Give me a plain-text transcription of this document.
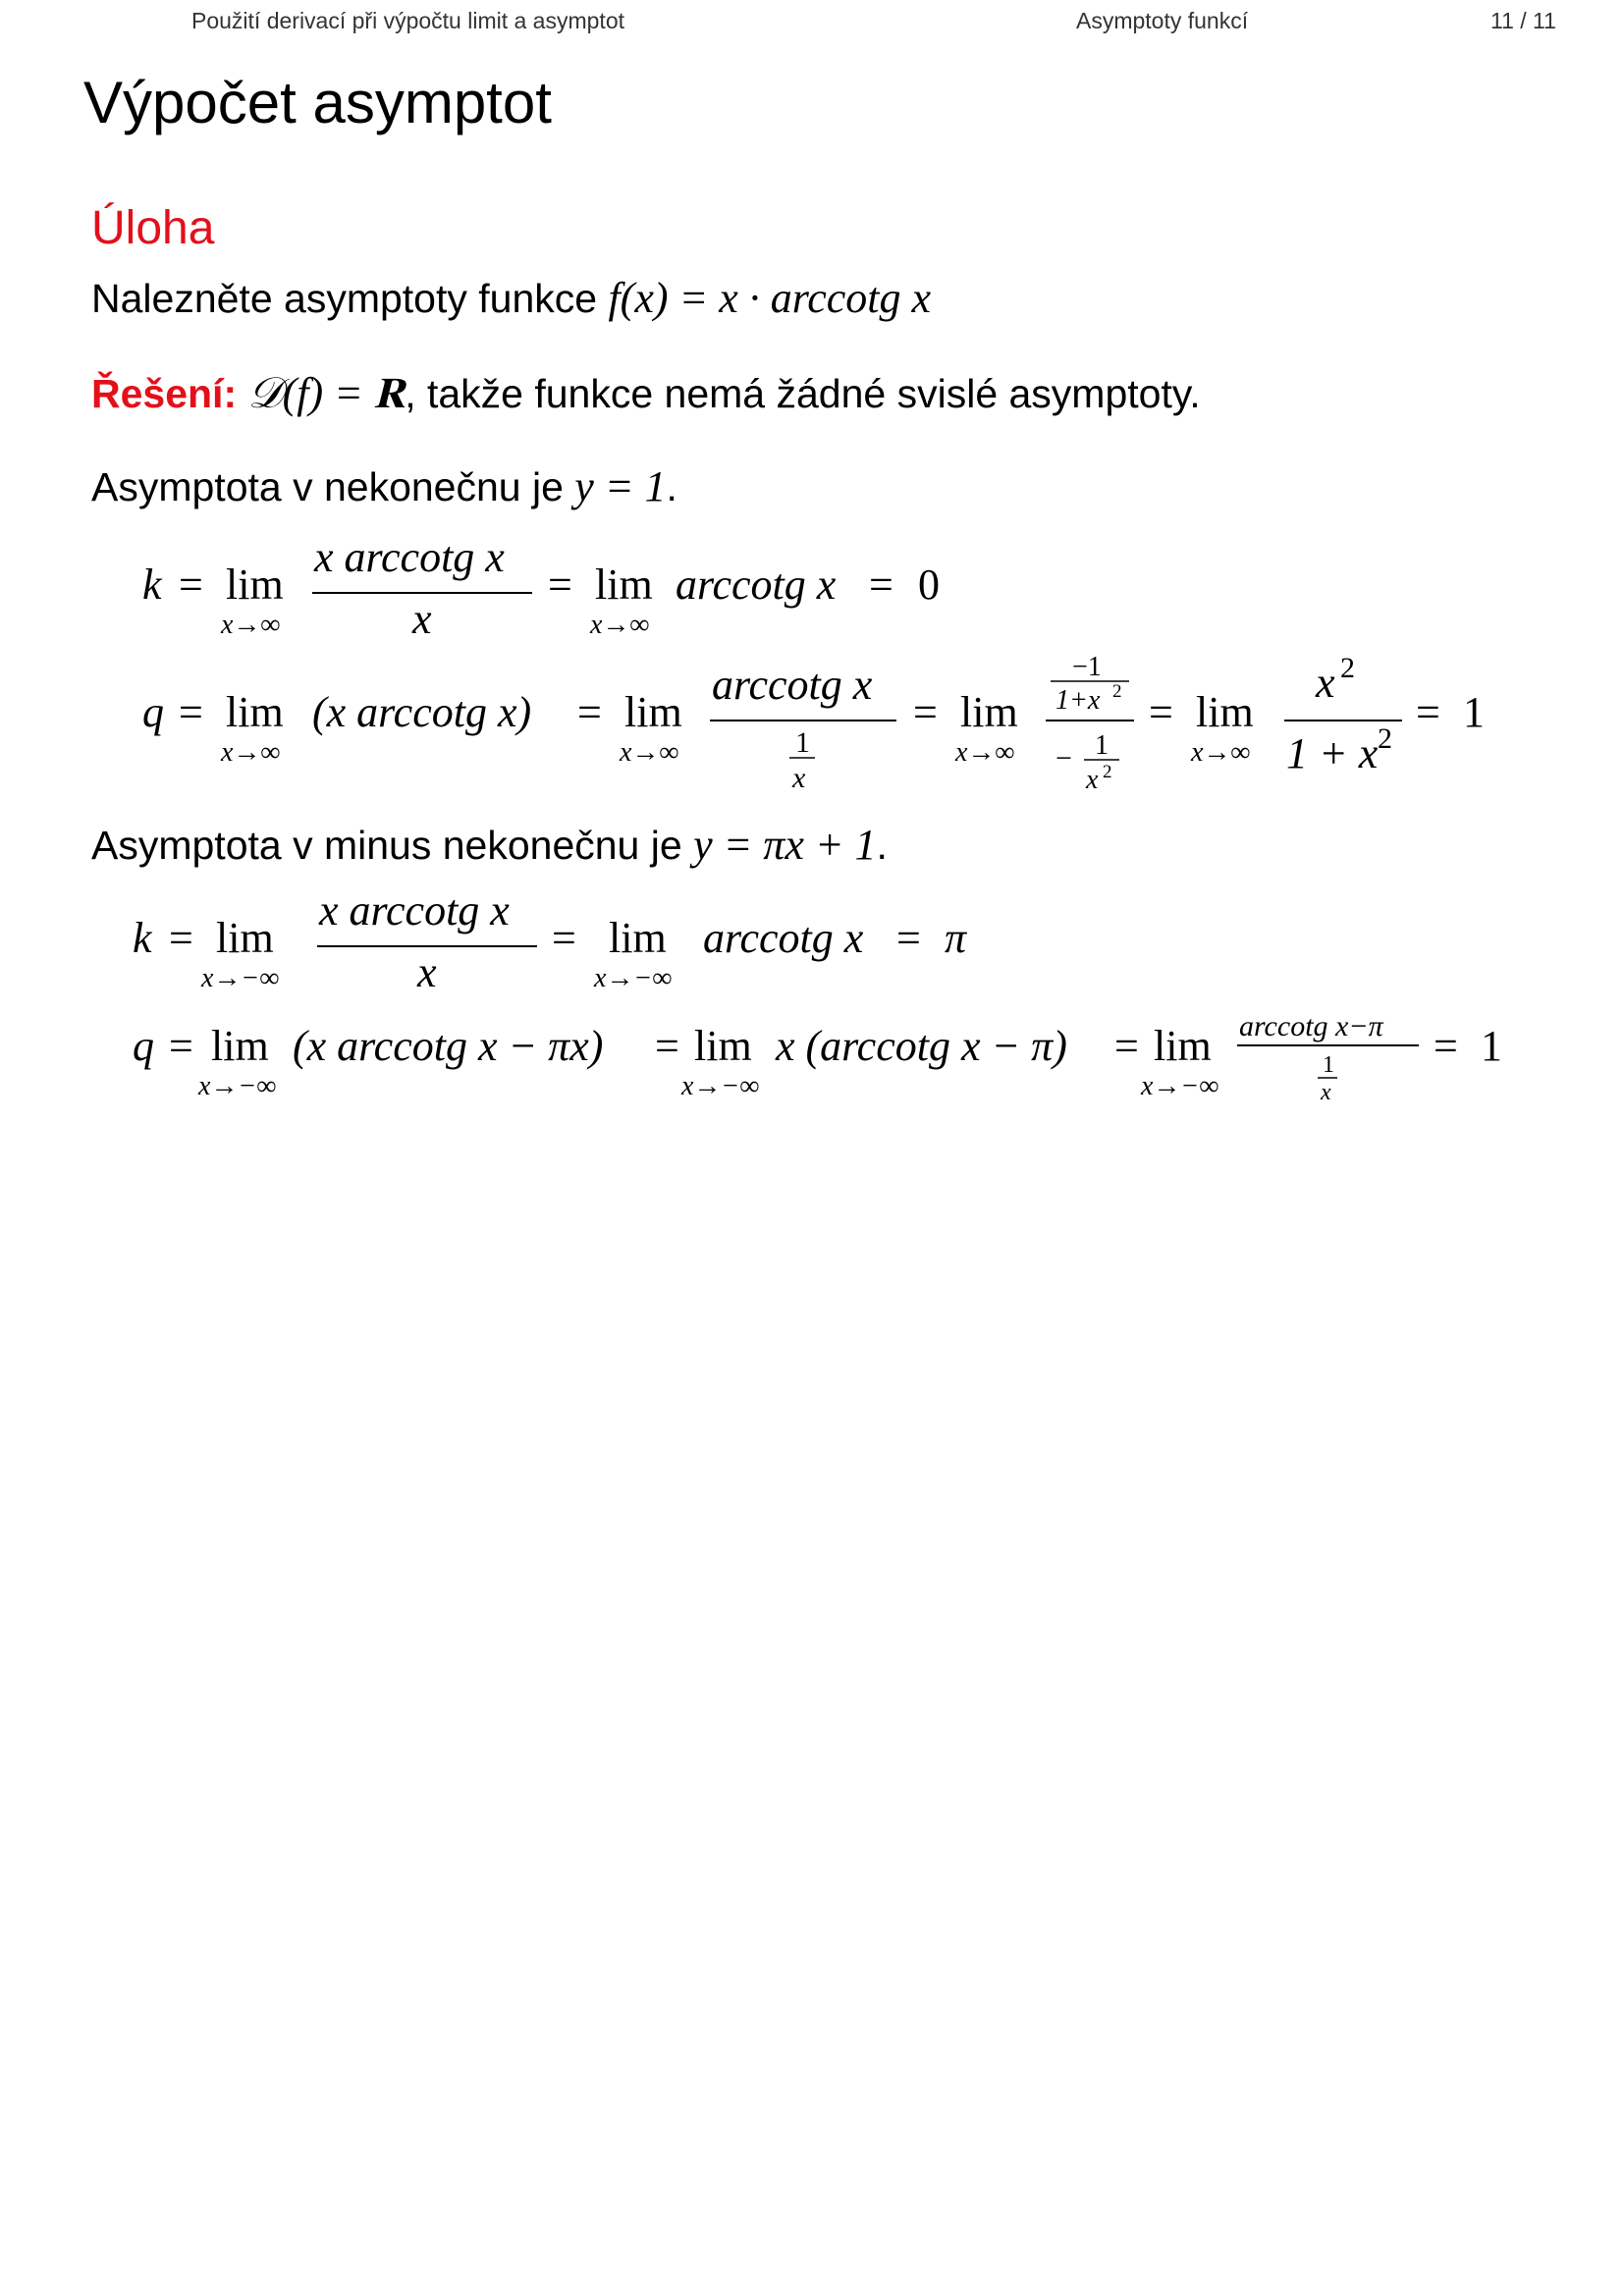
Použití derivací při výpočtu limit a asymptot	Asymptoty funkcí	11 / 11
Výpočet asymptot
Úloha
Nalezněte asymptoty funkce f(x) = x · arccotg x
Řešení: 𝒟(f) = 𝐑, takže funkce nemá žádné svislé asymptoty.
Asymptota v nekonečnu je y = 1.
k = lim
x→∞
x arccotg x
x
= lim
x→∞
arccotg x = 0
q = lim
x→∞
(x arccotg x) = lim
x→∞
arccotg x
1
x
= lim
x→∞
−1
1+x 2
− 1
x 2
= lim
x→∞
x 2
1 + x 2
= 1
Asymptota v minus nekonečnu je y = πx + 1.
k = lim
x→−∞
x arccotg x
x
= lim
x→−∞
arccotg x = π
q = lim
x→−∞
(x arccotg x − πx) = lim
x→−∞
x (arccotg x − π) = lim
x→−∞
arccotg x−π
1
x
= 1
